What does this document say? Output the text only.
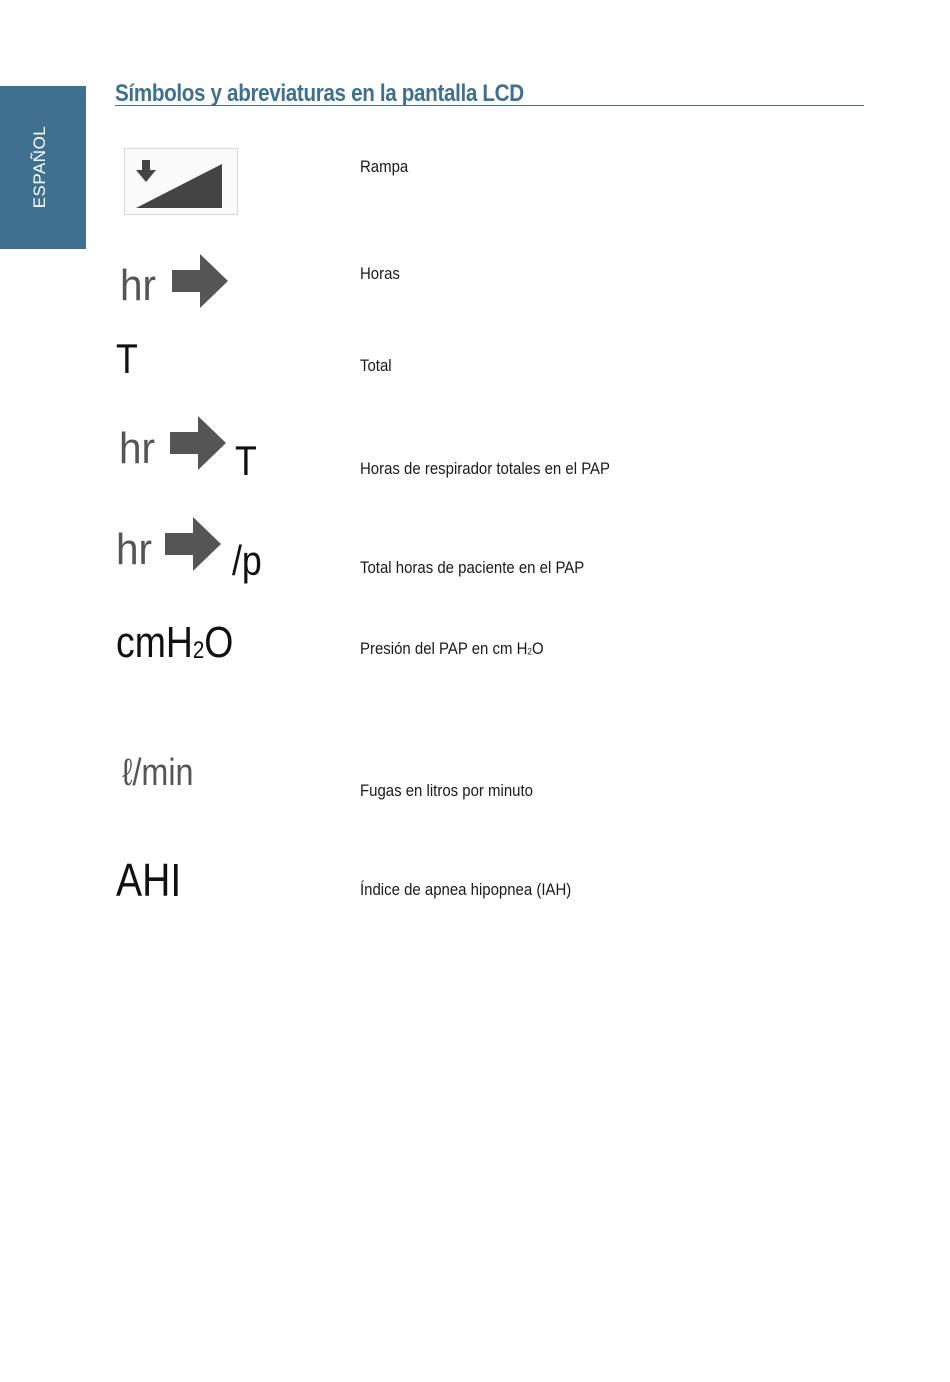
ESPAÑOL
Símbolos y abreviaturas en la pantalla LCD
Rampa
hr	Horas
T	Total
hr T	Horas de respirador totales en el PAP
hr /p	Total horas de paciente en el PAP
cmH$_2$O	Presión del PAP en cm $H_2O$
ℓ/min	Fugas en litros por minuto
AHI	Índice de apnea hipopnea (IAH)
